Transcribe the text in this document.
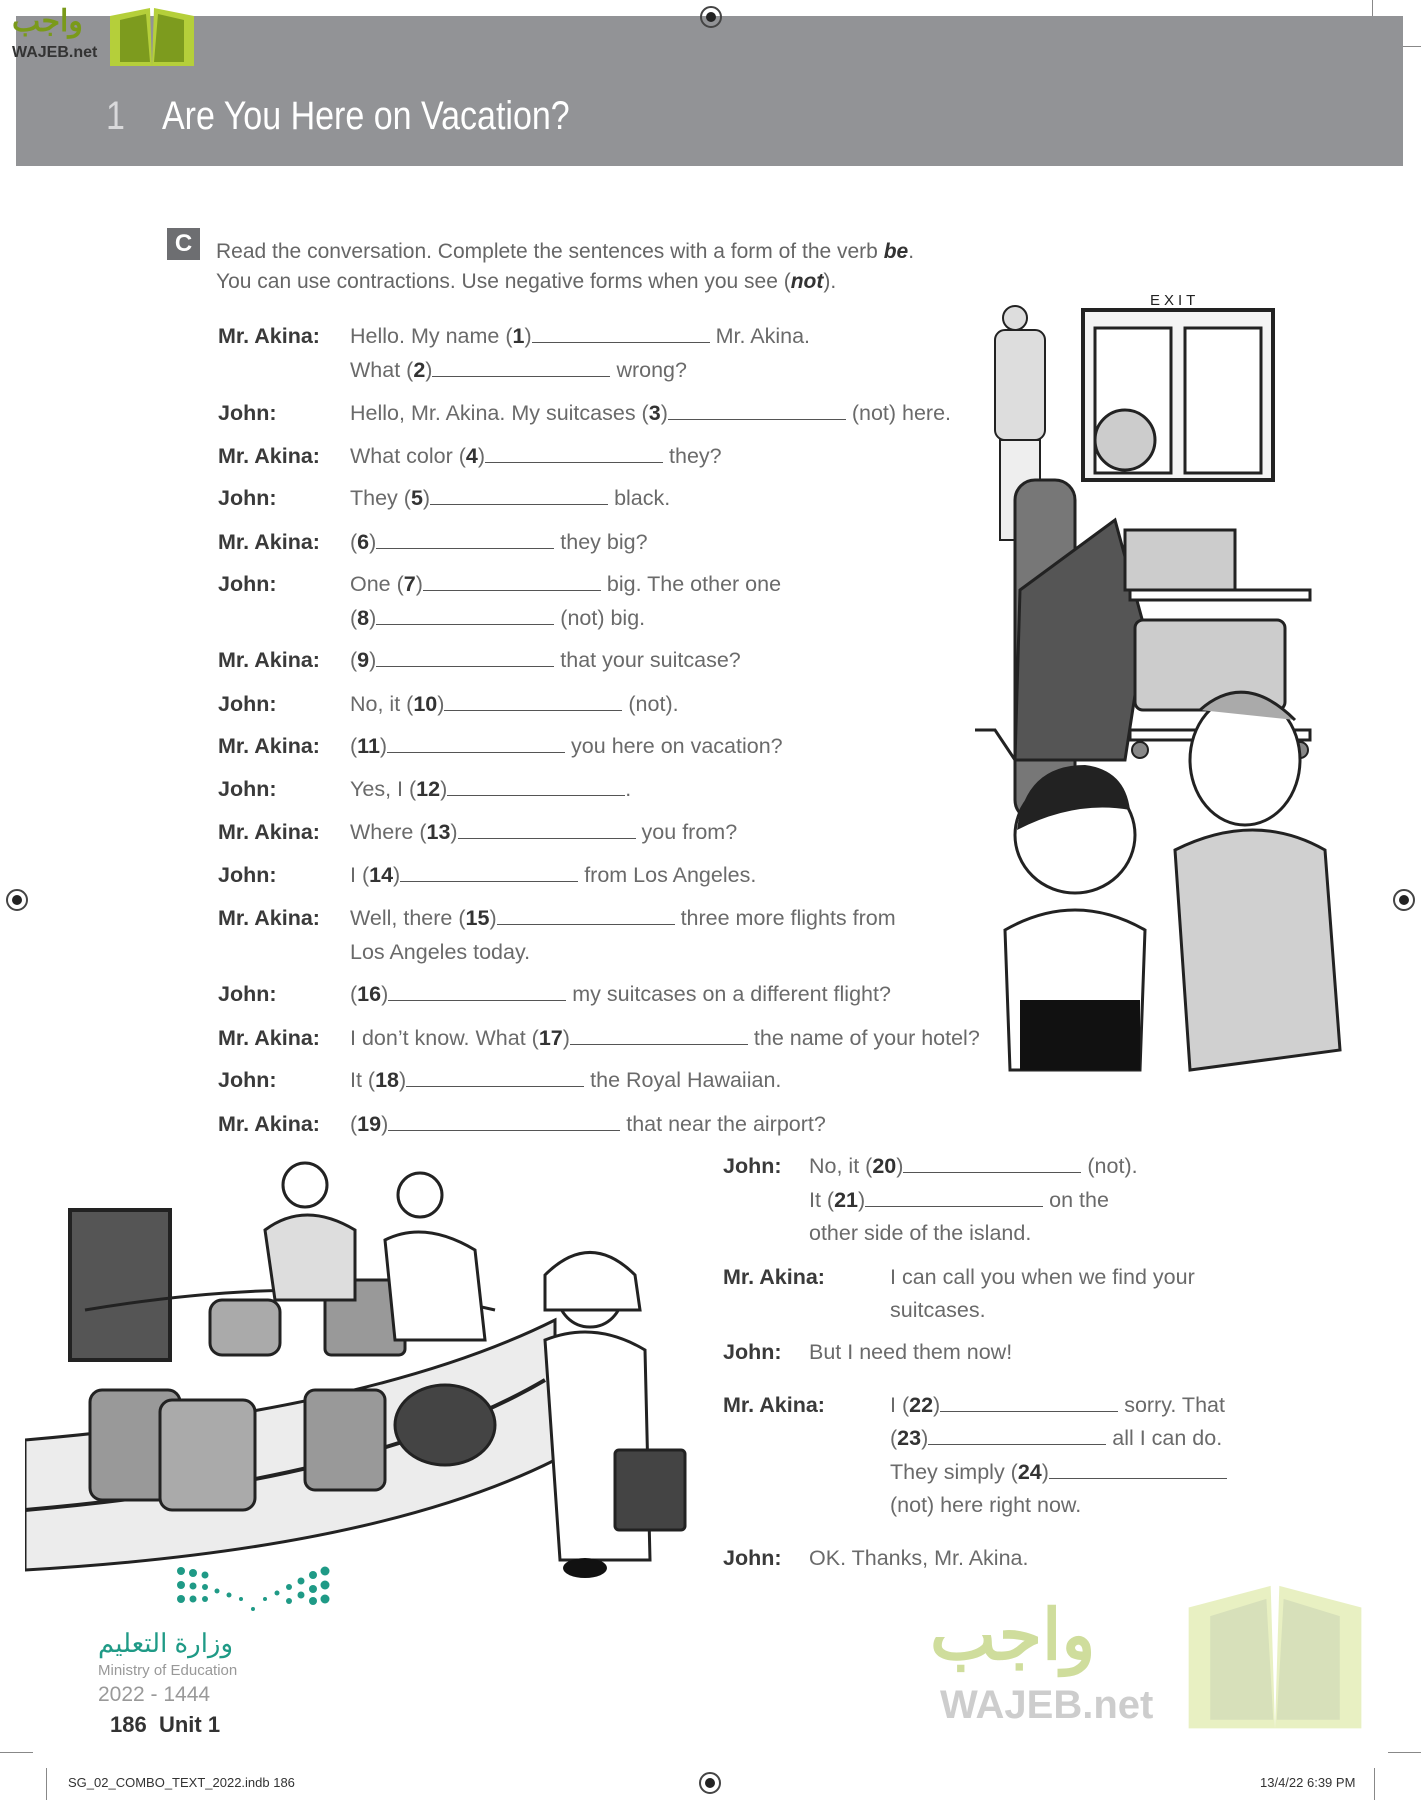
1 Are You Here on Vacation?
واجب
WAJEB.net
C	Read the conversation. Complete the sentences with a form of the verb be.
You can use contractions. Use negative forms when you see (not).
EXIT
واجب
WAJEB.net
Mr. Akina: Hello. My name (1)	Mr. Akina.
What (2)	wrong?
John:	Hello, Mr. Akina. My suitcases (3)	(not) here.
Mr. Akina: What color (4)	they?
John:	They (5)	black.
Mr. Akina: (6)	they big?
John:	One (7)	big. The other one
(8)	(not) big.
Mr. Akina: (9)	that your suitcase?
John:	No, it (10)	(not).
Mr. Akina: (11)	you here on vacation?
John:	Yes, I (12)	.
Mr. Akina: Where (13)	you from?
John:	I (14)	from Los Angeles.
Mr. Akina: Well, there (15)	three more flights from
Los Angeles today.
John:	(16)	my suitcases on a different flight?
Mr. Akina: I don’t know. What (17)	the name of your hotel?
John:	It (18)	the Royal Hawaiian.
Mr. Akina: (19)	that near the airport?
John: No, it (20)	(not).
It (21)	on the
other side of the island.
Mr. Akina:	I can call you when we find your
suitcases.
John: But I need them now!
Mr. Akina:	I (22)	sorry. That
(23)	all I can do.
They simply (24)
(not) here right now.
John: OK. Thanks, Mr. Akina.
وزارة التعليم
Ministry of Education
2022 - 1444
186 Unit 1
SG_02_COMBO_TEXT_2022.indb 186	13/4/22 6:39 PM
